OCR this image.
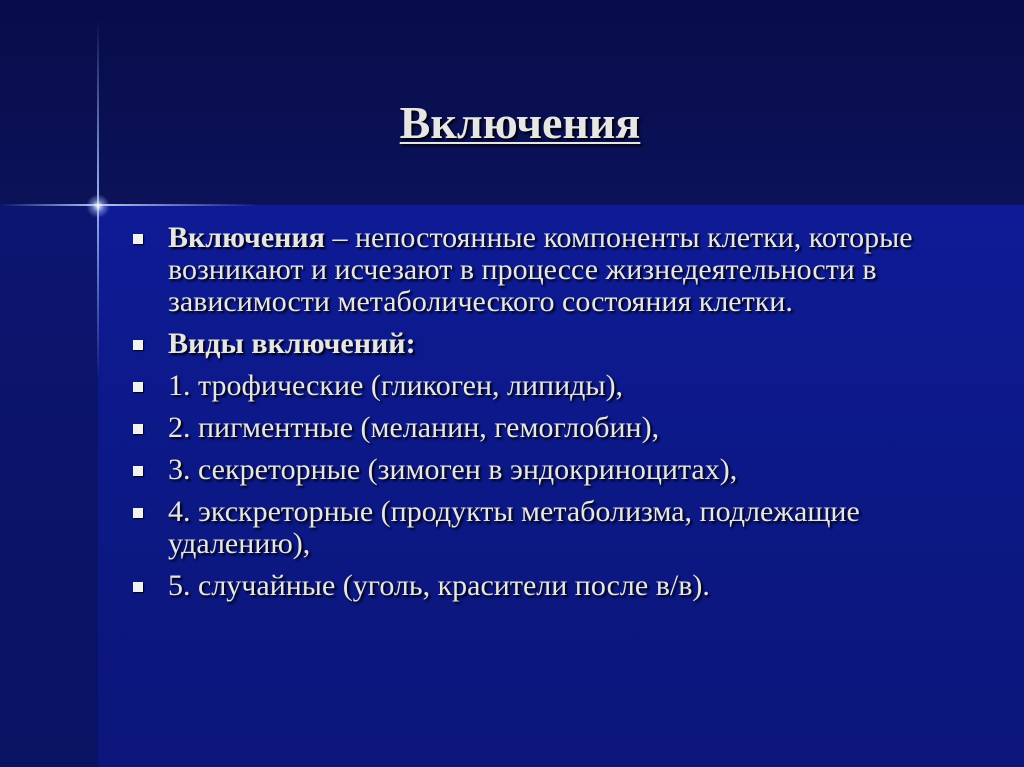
Включения
Включения – непостоянные компоненты клетки, которые возникают и исчезают в процессе жизнедеятельности в зависимости метаболического состояния клетки.
Виды включений:
1. трофические (гликоген, липиды),
2. пигментные (меланин, гемоглобин),
3. секреторные (зимоген в эндокриноцитах),
4. экскреторные (продукты метаболизма, подлежащие удалению),
5. случайные (уголь, красители после в/в).
